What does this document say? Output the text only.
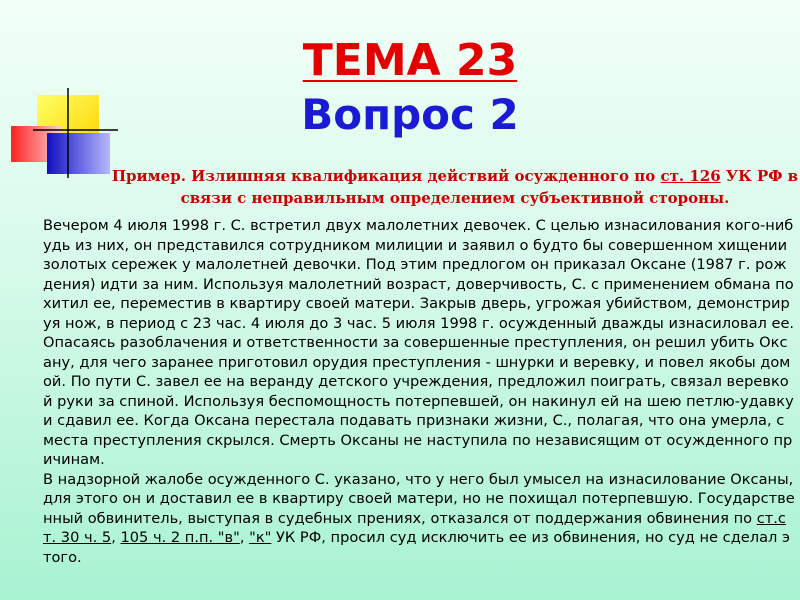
ТЕМА 23
Вопрос 2
Пример. Излишняя квалификация действий осужденного по ст. 126 УК РФ в связи с неправильным определением субъективной стороны.

Вечером 4 июля 1998 г. С. встретил двух малолетних девочек. С целью изнасилования кого-нибудь из них, он представился сотрудником милиции и заявил о будто бы совершенном хищении золотых сережек у малолетней девочки. Под этим предлогом он приказал Оксане (1987 г. рождения) идти за ним. Используя малолетний возраст, доверчивость, С. с применением обмана похитил ее, переместив в квартиру своей матери. Закрыв дверь, угрожая убийством, демонстрируя нож, в период с 23 час. 4 июля до 3 час. 5 июля 1998 г. осужденный дважды изнасиловал ее.

Опасаясь разоблачения и ответственности за совершенные преступления, он решил убить Оксану, для чего заранее приготовил орудия преступления - шнурки и веревку, и повел якобы домой. По пути С. завел ее на веранду детского учреждения, предложил поиграть, связал веревкой руки за спиной. Используя беспомощность потерпевшей, он накинул ей на шею петлю-удавку и сдавил ее. Когда Оксана перестала подавать признаки жизни, С., полагая, что она умерла, с места преступления скрылся. Смерть Оксаны не наступила по независящим от осужденного причинам.

В надзорной жалобе осужденного С. указано, что у него был умысел на изнасилование Оксаны, для этого он и доставил ее в квартиру своей матери, но не похищал потерпевшую. Государственный обвинитель, выступая в судебных прениях, отказался от поддержания обвинения по ст.ст. 30 ч. 5, 105 ч. 2 п.п. "в", "к" УК РФ, просил суд исключить ее из обвинения, но суд не сделал этого.
